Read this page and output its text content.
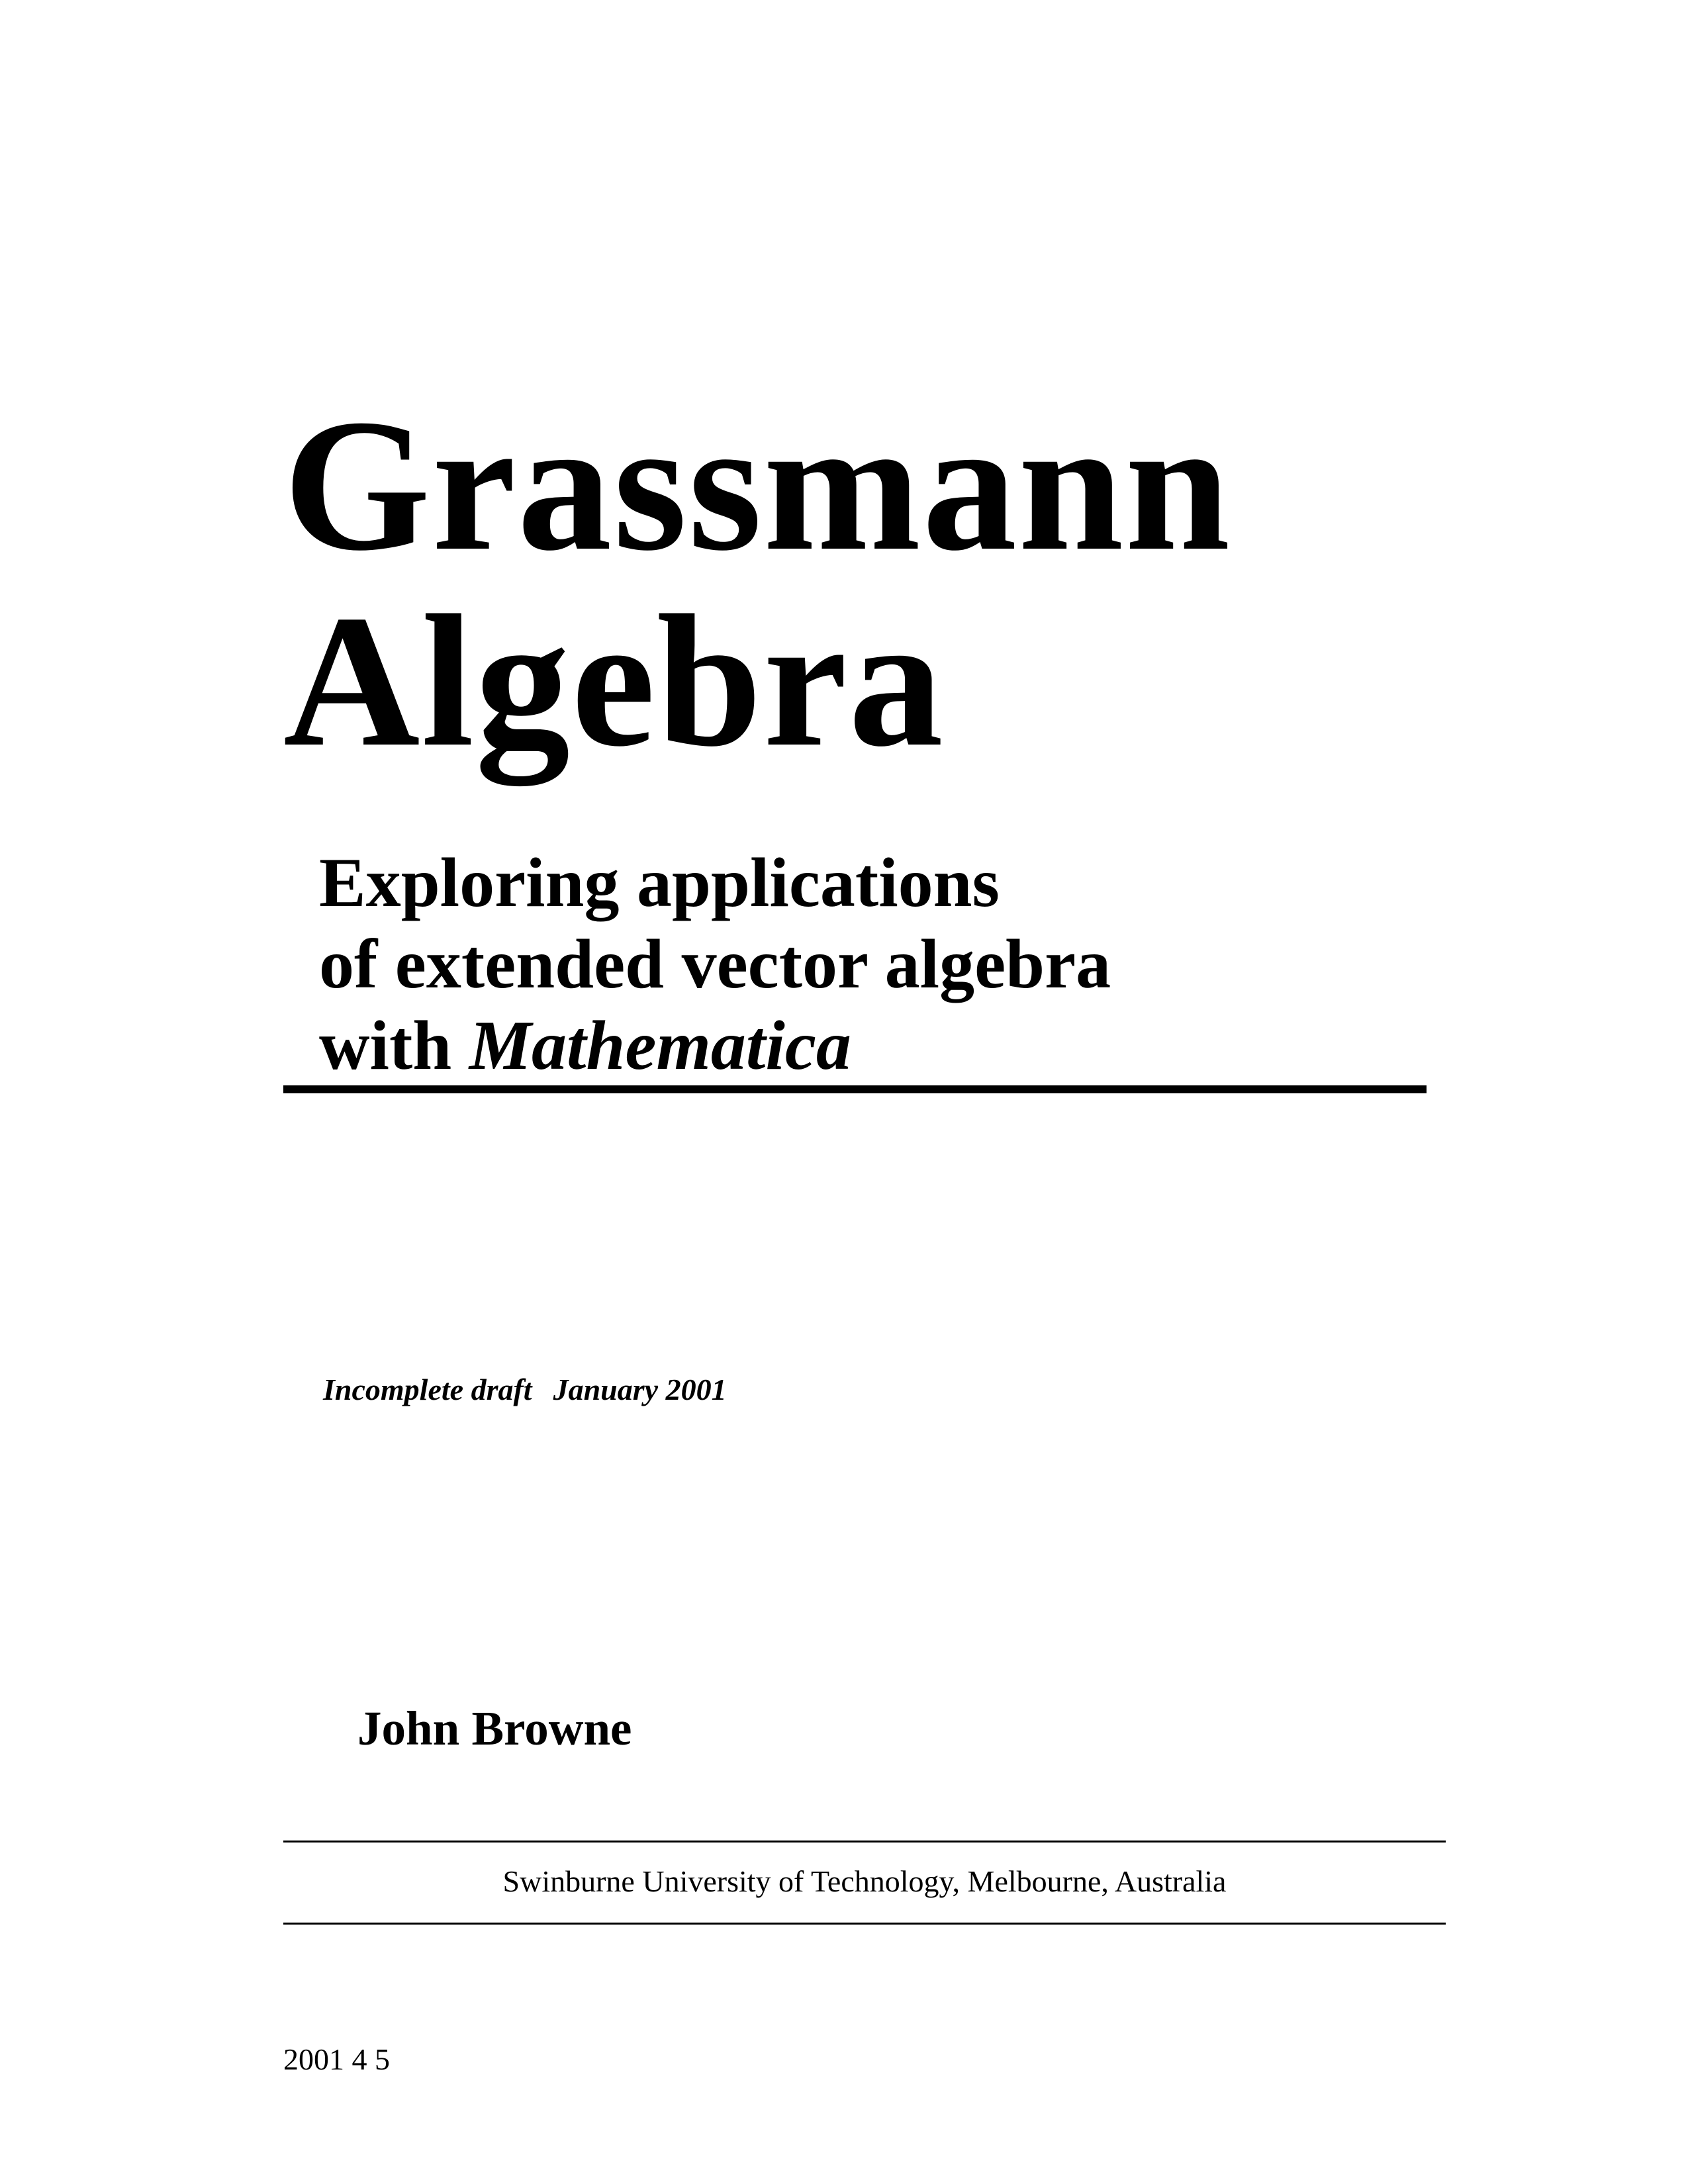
Grassmann
Algebra
Exploring applications
of extended vector algebra
with Mathematica
Incomplete draft January 2001
John Browne
Swinburne University of Technology, Melbourne, Australia
2001 4 5
